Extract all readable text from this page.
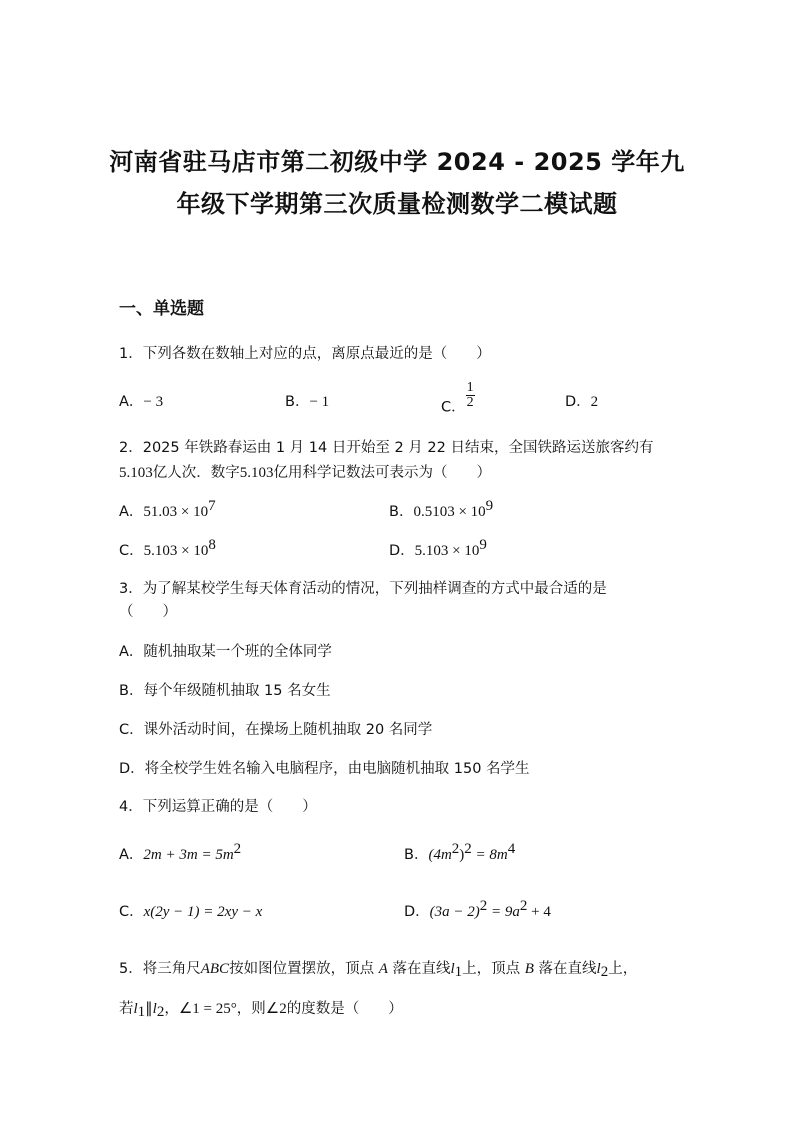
河南省驻马店市第二初级中学 2024 - 2025 学年九
年级下学期第三次质量检测数学二模试题
一、单选题
1．下列各数在数轴上对应的点，离原点最近的是（　　）
A．− 3	B．− 1	C． $\frac{1}{2}$	D．2
2．2025 年铁路春运由 1 月 14 日开始至 2 月 22 日结束，全国铁路运送旅客约有
5.103亿人次．数字5.103亿用科学记数法可表示为（　　）
A．$51.03 \times 10^7$	B．$0.5103 \times 10^9$
C．$5.103 \times 10^8$	D．$5.103 \times 10^9$
3．为了解某校学生每天体育活动的情况，下列抽样调查的方式中最合适的是
（　　）
A．随机抽取某一个班的全体同学
B．每个年级随机抽取 15 名女生
C．课外活动时间，在操场上随机抽取 20 名同学
D．将全校学生姓名输入电脑程序，由电脑随机抽取 150 名学生
4．下列运算正确的是（　　）
A．$2m + 3m = 5m^2$	B．$(4m^2)^2 = 8m^4$
C．x(2y − 1) = 2xy − x	D．$(3a - 2)^2 = 9a^2 + 4$
5．将三角尺ABC按如图位置摆放，顶点 A 落在直线$l_1$上，顶点 B 落在直线$l_2$上，
若$l_1\parallel l_2$，∠1 = 25°，则∠2的度数是（　　）
